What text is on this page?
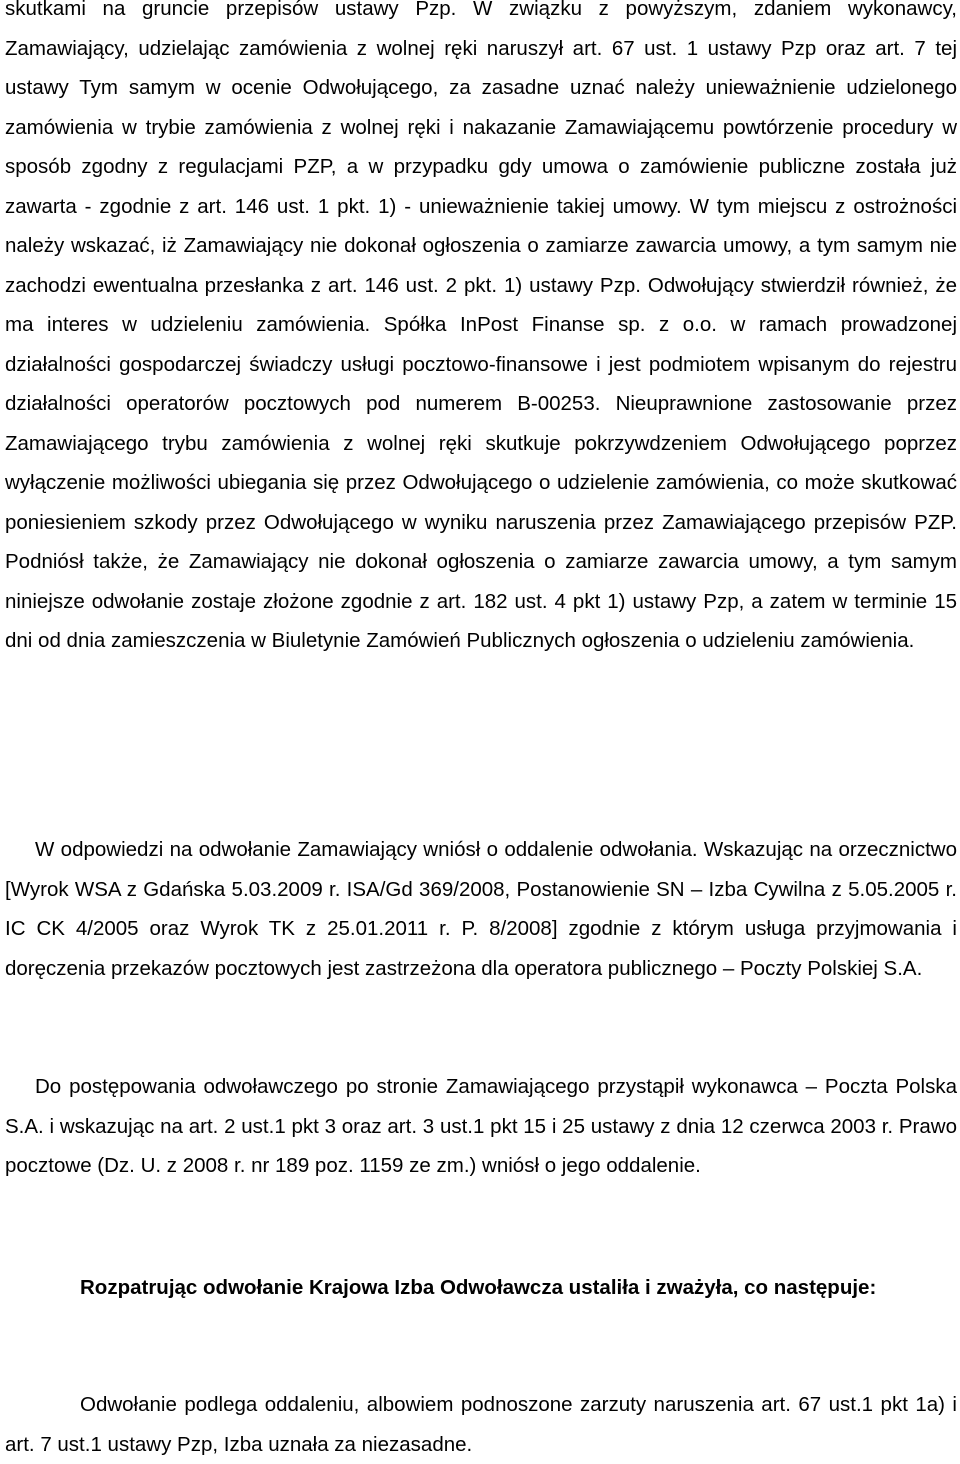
skutkami na gruncie przepisów ustawy Pzp. W związku z powyższym, zdaniem wykonawcy, Zamawiający, udzielając zamówienia z wolnej ręki naruszył art. 67 ust. 1 ustawy Pzp oraz art. 7 tej ustawy Tym samym w ocenie Odwołującego, za zasadne uznać należy unieważnienie udzielonego zamówienia w trybie zamówienia z wolnej ręki i nakazanie Zamawiającemu powtórzenie procedury w sposób zgodny z regulacjami PZP, a w przypadku gdy umowa o zamówienie publiczne została już zawarta - zgodnie z art. 146 ust. 1 pkt. 1) - unieważnienie takiej umowy. W tym miejscu z ostrożności należy wskazać, iż Zamawiający nie dokonał ogłoszenia o zamiarze zawarcia umowy, a tym samym nie zachodzi ewentualna przesłanka z art. 146 ust. 2 pkt. 1) ustawy Pzp. Odwołujący stwierdził również, że ma interes w udzieleniu zamówienia. Spółka InPost Finanse sp. z o.o. w ramach prowadzonej działalności gospodarczej świadczy usługi pocztowo-finansowe i jest podmiotem wpisanym do rejestru działalności operatorów pocztowych pod numerem B-00253. Nieuprawnione zastosowanie przez Zamawiającego trybu zamówienia z wolnej ręki skutkuje pokrzywdzeniem Odwołującego poprzez wyłączenie możliwości ubiegania się przez Odwołującego o udzielenie zamówienia, co może skutkować poniesieniem szkody przez Odwołującego w wyniku naruszenia przez Zamawiającego przepisów PZP. Podniósł także, że Zamawiający nie dokonał ogłoszenia o zamiarze zawarcia umowy, a tym samym niniejsze odwołanie zostaje złożone zgodnie z art. 182 ust. 4 pkt 1) ustawy Pzp, a zatem w terminie 15 dni od dnia zamieszczenia w Biuletynie Zamówień Publicznych ogłoszenia o udzieleniu zamówienia.

W odpowiedzi na odwołanie Zamawiający wniósł o oddalenie odwołania. Wskazując na orzecznictwo [Wyrok WSA z Gdańska 5.03.2009 r. ISA/Gd 369/2008, Postanowienie SN – Izba Cywilna z 5.05.2005 r. IC CK 4/2005 oraz Wyrok TK z 25.01.2011 r. P. 8/2008] zgodnie z którym usługa przyjmowania i doręczenia przekazów pocztowych jest zastrzeżona dla operatora publicznego – Poczty Polskiej S.A.

Do postępowania odwoławczego po stronie Zamawiającego przystąpił wykonawca – Poczta Polska S.A. i wskazując na art. 2 ust.1 pkt 3 oraz art. 3 ust.1 pkt 15 i 25 ustawy z dnia 12 czerwca 2003 r. Prawo pocztowe (Dz. U. z 2008 r. nr 189 poz. 1159 ze zm.) wniósł o jego oddalenie.

Rozpatrując odwołanie Krajowa Izba Odwoławcza ustaliła i zważyła, co następuje:

Odwołanie podlega oddaleniu, albowiem podnoszone zarzuty naruszenia art. 67 ust.1 pkt 1a) i art. 7 ust.1 ustawy Pzp, Izba uznała za niezasadne.
